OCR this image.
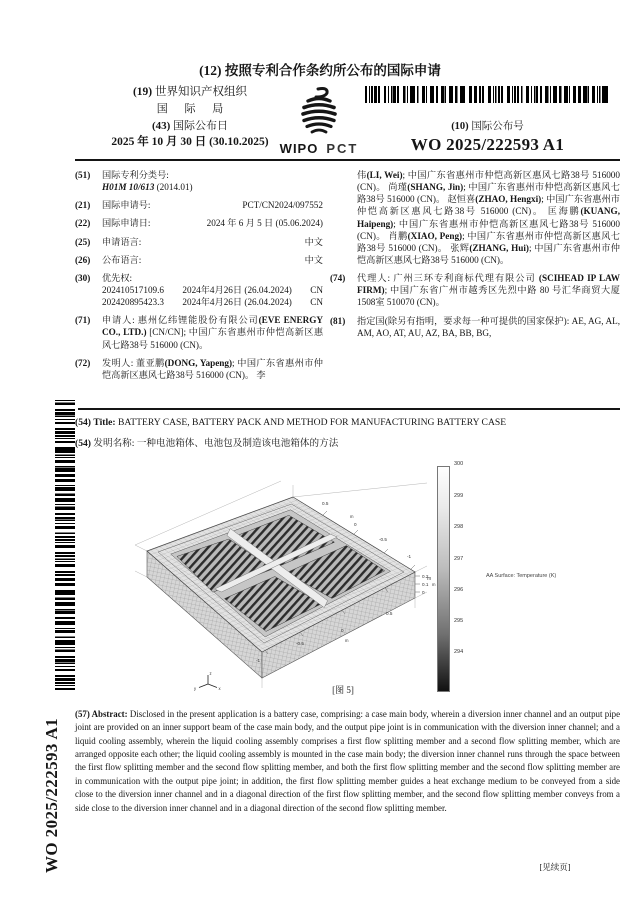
(12) 按照专利合作条约所公布的国际申请
(19) 世界知识产权组织
国 际 局
(43) 国际公布日
2025 年 10 月 30 日 (30.10.2025) WIPO PCT
(10) 国际公布号
WO 2025/222593 A1
(51) 国际专利分类号:
H01M 10/613 (2014.01)
(21) 国际申请号:	PCT/CN2024/097552
(22) 国际申请日:	2024 年 6 月 5 日 (05.06.2024)
(25) 申请语言:	中文
(26) 公布语言:	中文
(30) 优先权:
202410517109.6 2024年4月26日 (26.04.2024) CN
202420895423.3 2024年4月26日 (26.04.2024) CN
(71) 申请人: 惠州亿纬锂能股份有限公司(EVE ENERGY CO., LTD.) [CN/CN]; 中国广东省惠州市仲恺高新区惠风七路38号 516000 (CN)。
(72) 发明人: 董亚鹏(DONG, Yapeng); 中国广东省惠州市仲恺高新区惠风七路38号 516000 (CN)。 李
伟(LI, Wei); 中国广东省惠州市仲恺高新区惠风七路38号 516000 (CN)。 尚瑾(SHANG, Jin); 中国广东省惠州市仲恺高新区惠风七路38号 516000 (CN)。 赵恒喜(ZHAO, Hengxi); 中国广东省惠州市仲恺高新区惠风七路38号 516000 (CN)。 匡海鹏(KUANG, Haipeng); 中国广东省惠州市仲恺高新区惠风七路38号 516000 (CN)。 肖鹏(XIAO, Peng); 中国广东省惠州市仲恺高新区惠风七路38号 516000 (CN)。 张辉(ZHANG, Hui); 中国广东省惠州市仲恺高新区惠风七路38号 516000 (CN)。
(74) 代理人: 广州三环专利商标代理有限公司 (SCIHEAD IP LAW FIRM); 中国广东省广州市越秀区先烈中路 80 号汇华商贸大厦1508室 510070 (CN)。
(81) 指定国(除另有指明，要求每一种可提供的国家保护): AE, AG, AL, AM, AO, AT, AU, AZ, BA, BB, BG,
(54) Title: BATTERY CASE, BATTERY PACK AND METHOD FOR MANUFACTURING BATTERY CASE
(54) 发明名称: 一种电池箱体、电池包及制造该电池箱体的方法
0.5
0
-0.5
-1
m
0.5
0
-0.5
-1
m
0.2
0.1
0
m
z
x
y
300
299
298
297
296
295
294
AA Surface: Temperature (K)
m
[图 5]
(57) Abstract: Disclosed in the present application is a battery case, comprising: a case main body, wherein a diversion inner channel and an output pipe joint are provided on an inner support beam of the case main body, and the output pipe joint is in communication with the diversion inner channel; and a liquid cooling assembly, wherein the liquid cooling assembly comprises a first flow splitting member and a second flow splitting member, which are arranged opposite each other; the liquid cooling assembly is mounted in the case main body; the diversion inner channel runs through the space between the first flow splitting member and the second flow splitting member, and both the first flow splitting member and the second flow splitting member are in communication with the output pipe joint; in addition, the first flow splitting member guides a heat exchange medium to be conveyed from a side close to the diversion inner channel and in a diagonal direction of the first flow splitting member, and the second flow splitting member conveys from a side close to the diversion inner channel and in a diagonal direction of the second flow splitting member.
[见续页]
WO 2025/222593 A1
